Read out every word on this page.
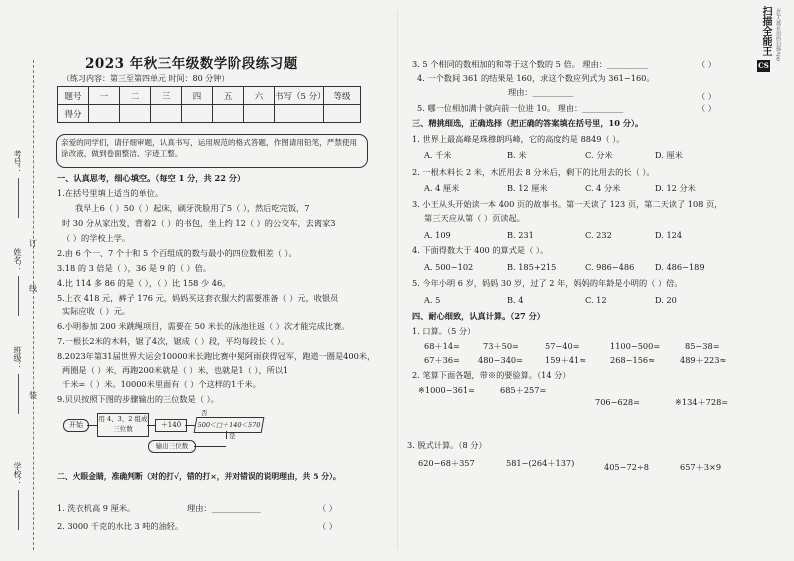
考号：
姓名：
班级：
学校：
订
线
装
2023 年秋三年级数学阶段练习题
（练习内容：第三至第四单元 时间：80 分钟）
题号	一	二	三	四	五	六	书写（5 分）	等级
得分								
亲爱的同学们，请仔细审题，认真书写，运用规范的格式答题，作图请用铅笔，严禁使用涂改液，做到卷面整洁、字迹工整。
一、认真思考，细心填空。（每空 1 分，共 22 分）
1.在括号里填上适当的单位。
我早上6（ ）50（ ）起床，刷牙洗脸用了5（ ），然后吃完饭，7
时 30 分从家出发，背着2（ ）的书包，坐上约 12（ ）的公交车，去离家3
（ ）的学校上学。
2.由 6 个一、7 个十和 5 个百组成的数与最小的四位数相差（ ）。
3.18 的 3 倍是（ ），36 是 9 的（ ）倍。
4.比 114 多 86 的是（ ），（ ）比 158 少 46。
5.上衣 418 元，裤子 176 元，妈妈买这套衣服大约需要准备（ ）元，收银员
实际应收（ ）元。
6.小明参加 200 米跳绳项目，需要在 50 米长的泳池往返（ ）次才能完成比赛。
7.一根长2米的木料，锯了4次，锯成（ ）段，平均每段长（ ）。
8.2023年第31届世界大运会10000米长跑比赛中冕阿雨获得冠军，跑道一圈是400米，
两圈是（ ）米，再跑200米就是（ ）米，也就是1（ ），所以1
千米=（ ）米。10000米里面有（ ）个这样的1千米。
9.贝贝按照下图的步骤输出的三位数是（ ）。
开始
用 4、3、2 组成三位数	＋140	500＜□＋140＜570
否
是
输出三位数
二、火眼金睛，准确判断（对的打√，错的打×，并对错误的说明理由，共 5 分）。
1. 洗衣机高 9 厘米。	理由：____________	（ ）
2. 3000 千克的水比 3 吨的油轻。	（ ）
3. 5 个相同的数相加的和等于这个数的 5 倍。 理由：__________	（ ）
4. 一个数间 361 的结果是 160，求这个数应列式为 361−160。
理由：__________	（ ）
5. 哪一位相加满十就向前一位进 10。 理由：__________	（ ）
三、精挑细选，正确选择（把正确的答案填在括号里，10 分）。
1. 世界上最高峰是珠穆朗玛峰，它的高度约是 8849（ ）。
A. 千米	B. 米	C. 分米	D. 厘米
2. 一根木料长 2 米，木匠用去 8 分米后，剩下的比用去的长（ ）。
A. 4 厘米	B. 12 厘米	C. 4 分米	D. 12 分米
3. 小王从头开始读一本 400 页的故事书。第一天读了 123 页，第二天读了 108 页，
第三天应从第（ ）页读起。
A. 109	B. 231	C. 232	D. 124
4. 下面得数大于 400 的算式是（ ）。
A. 500−102	B. 185+215	C. 986−486	D. 486−189
5. 今年小明 6 岁，妈妈 30 岁，过了 2 年，妈妈的年龄是小明的（ ）倍。
A. 5	B. 4	C. 12	D. 20
四、耐心细致，认真计算。（27 分）
1. 口算。（5 分）
68＋14=	73＋50=	57−40=	1100−500=	85−38=
67＋36= 480−340=	159＋41≈	268−156≈	489＋223≈
2. 笔算下面各题，带※的要验算。（14 分）
※1000−361=	685＋257=
706−628=	※134＋728=
3. 脱式计算。（8 分）
620−68＋357	581−(264＋137)	405−72÷8	657＋3×9
扫描全能王 3亿人都在用的扫描App
CS
